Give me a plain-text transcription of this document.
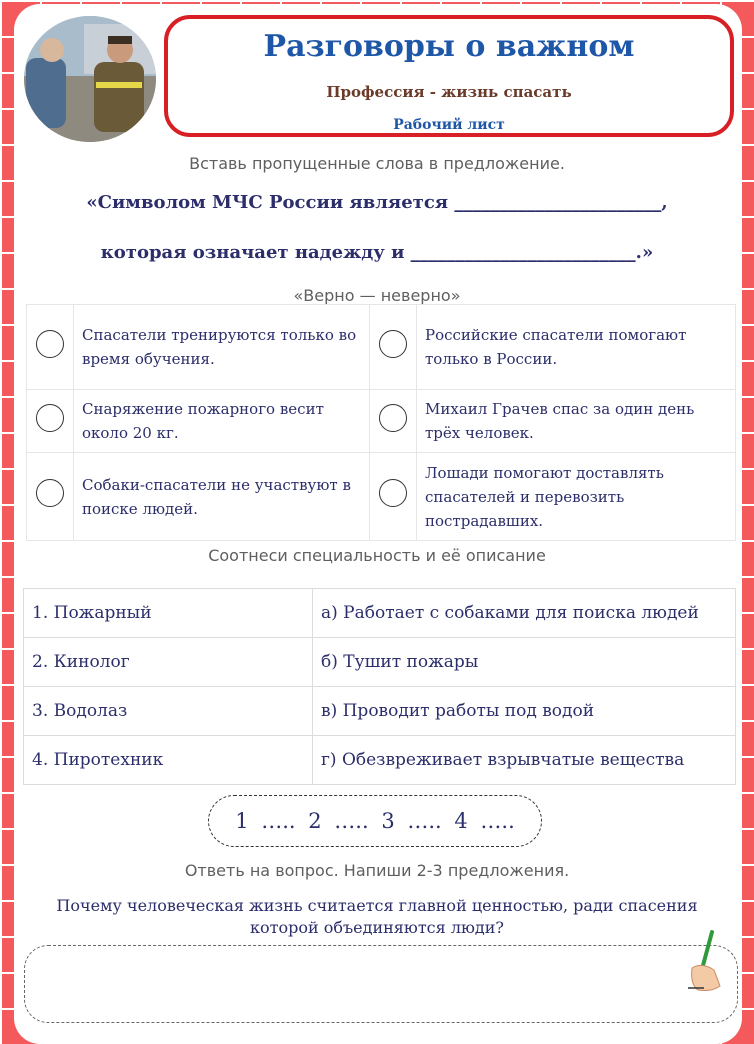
Разговоры о важном
Профессия - жизнь спасать
Рабочий лист
Вставь пропущенные слова в предложение.
«Символом МЧС России является _______________________,
которая означает надежду и _________________________.»
«Верно — неверно»
	Спасатели тренируются только во время обучения.		Российские спасатели помогают только в России.
	Снаряжение пожарного весит около 20 кг.		Михаил Грачев спас за один день трёх человек.
	Собаки-спасатели не участвуют в поиске людей.		Лошади помогают доставлять спасателей и перевозить пострадавших.
Соотнеси специальность и её описание
1. Пожарный	а) Работает с собаками для поиска людей
2. Кинолог	б) Тушит пожары
3. Водолаз	в) Проводит работы под водой
4. Пиротехник	г) Обезвреживает взрывчатые вещества
1 ….. 2 ….. 3 ….. 4 …..
Ответь на вопрос. Напиши 2-3 предложения.
Почему человеческая жизнь считается главной ценностью, ради спасения которой объединяются люди?
